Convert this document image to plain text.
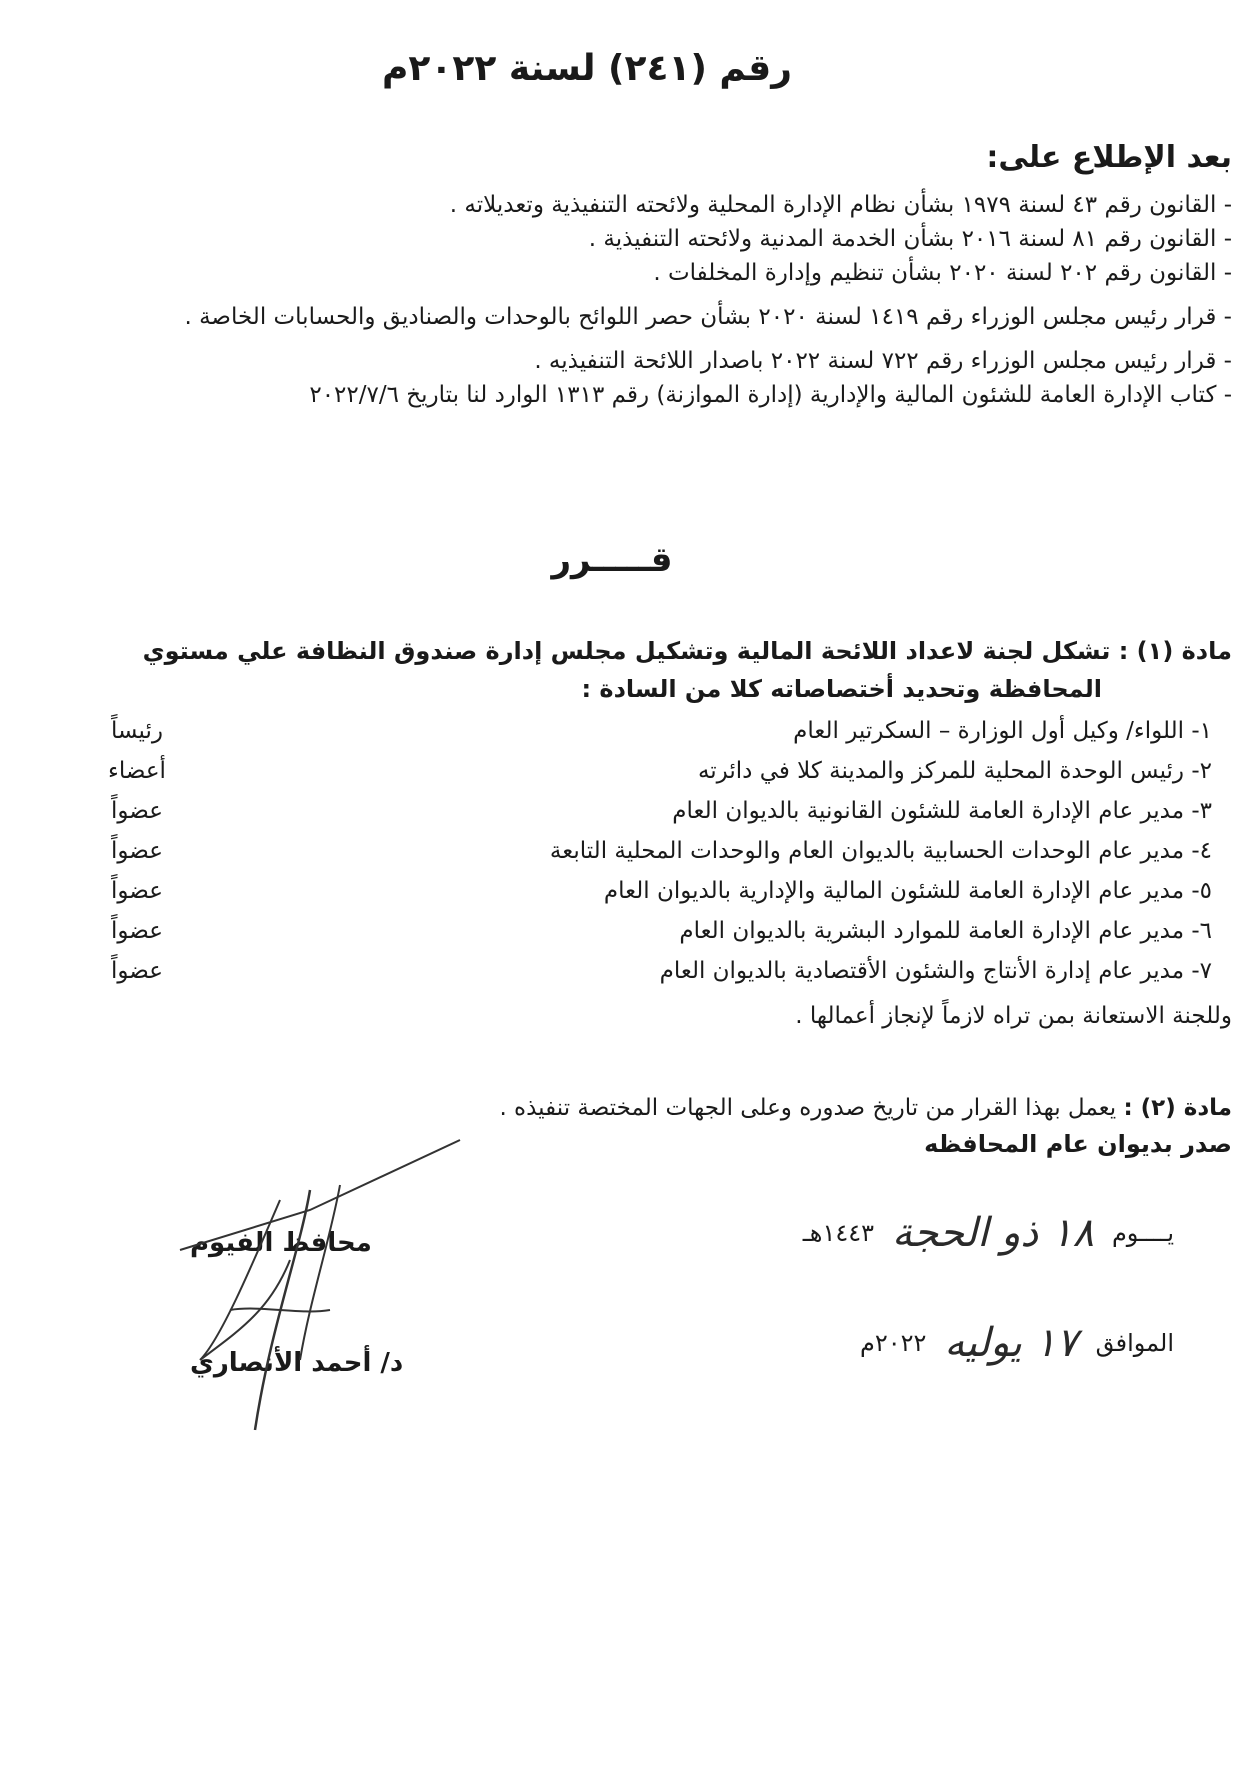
رقم (٢٤١) لسنة ٢٠٢٢م
بعد الإطلاع على:

- القانون رقم ٤٣ لسنة ١٩٧٩ بشأن نظام الإدارة المحلية ولائحته التنفيذية وتعديلاته .

- القانون رقم ٨١ لسنة ٢٠١٦ بشأن الخدمة المدنية ولائحته التنفيذية .

- القانون رقم ٢٠٢ لسنة ٢٠٢٠ بشأن تنظيم وإدارة المخلفات .

- قرار رئيس مجلس الوزراء رقم ١٤١٩ لسنة ٢٠٢٠ بشأن حصر اللوائح بالوحدات والصناديق والحسابات الخاصة .

- قرار رئيس مجلس الوزراء رقم ٧٢٢ لسنة ٢٠٢٢ باصدار اللائحة التنفيذيه .

- كتاب الإدارة العامة للشئون المالية والإدارية (إدارة الموازنة) رقم ١٣١٣ الوارد لنا بتاريخ ٢٠٢٢/٧/٦

قـــــرر
مادة (١) : تشكل لجنة لاعداد اللائحة المالية وتشكيل مجلس إدارة صندوق النظافة علي مستوي
المحافظة وتحديد أختصاصاته كلا من السادة :
١- اللواء/ وكيل أول الوزارة – السكرتير العام
رئيساً
٢- رئيس الوحدة المحلية للمركز والمدينة كلا في دائرته
أعضاء
٣- مدير عام الإدارة العامة للشئون القانونية بالديوان العام
عضواً
٤- مدير عام الوحدات الحسابية بالديوان العام والوحدات المحلية التابعة
عضواً
٥- مدير عام الإدارة العامة للشئون المالية والإدارية بالديوان العام
عضواً
٦- مدير عام الإدارة العامة للموارد البشرية بالديوان العام
عضواً
٧- مدير عام إدارة الأنتاج والشئون الأقتصادية بالديوان العام
عضواً
وللجنة الاستعانة بمن تراه لازماً لإنجاز أعمالها .
مادة (٢) : يعمل بهذا القرار من تاريخ صدوره وعلى الجهات المختصة تنفيذه .
صدر بديوان عام المحافظه
يــــوم
١٨ ذو الحجة
١٤٤٣هـ
الموافق
١٧ يوليه
٢٠٢٢م
محافظ الفيوم
د/ أحمد الأنصاري
